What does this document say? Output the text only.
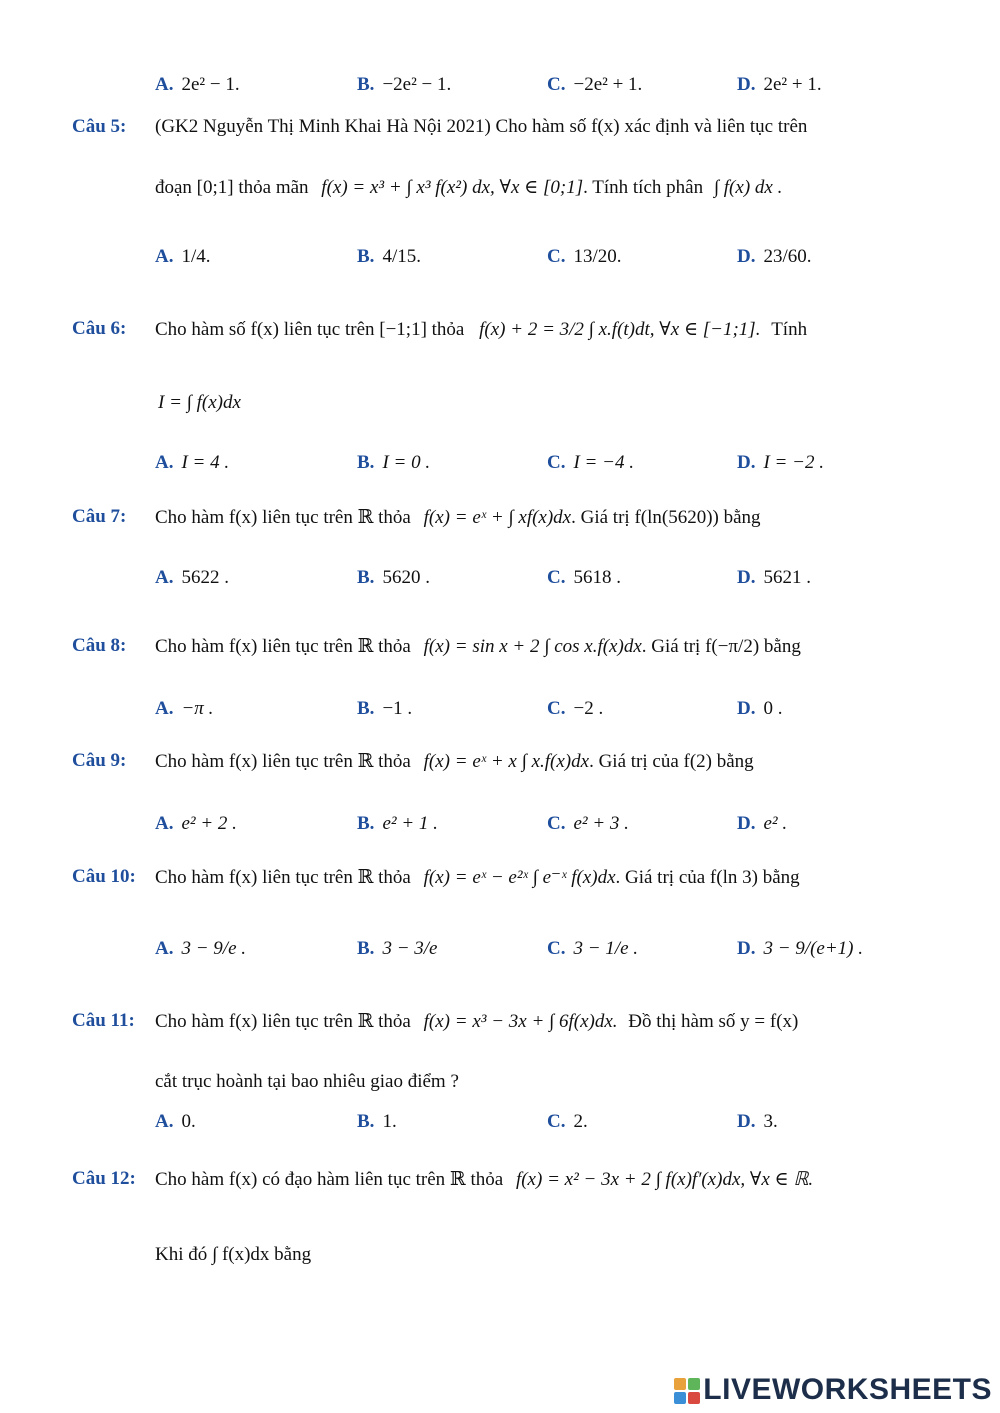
A. 2e² − 1.	B. −2e² − 1.	C. −2e² + 1.	D. 2e² + 1.
Câu 5: (GK2 Nguyễn Thị Minh Khai Hà Nội 2021) Cho hàm số f(x) xác định và liên tục trên
đoạn [0;1] thỏa mãn f(x) = x³ + ∫ x³ f(x²) dx, ∀x ∈ [0;1]. Tính tích phân ∫ f(x) dx .
A. 1/4.	B. 4/15.	C. 13/20.	D. 23/60.
Câu 6: Cho hàm số f(x) liên tục trên [−1;1] thỏa f(x) + 2 = 3/2 ∫ x.f(t)dt, ∀x ∈ [−1;1]. Tính
I = ∫ f(x)dx
A. I = 4 .	B. I = 0 .	C. I = −4 .	D. I = −2 .
Câu 7: Cho hàm f(x) liên tục trên ℝ thỏa f(x) = eˣ + ∫ xf(x)dx. Giá trị f(ln(5620)) bằng
A. 5622 .	B. 5620 .	C. 5618 .	D. 5621 .
Câu 8: Cho hàm f(x) liên tục trên ℝ thỏa f(x) = sin x + 2 ∫ cos x.f(x)dx. Giá trị f(−π/2) bằng
A. −π .	B. −1 .	C. −2 .	D. 0 .
Câu 9: Cho hàm f(x) liên tục trên ℝ thỏa f(x) = eˣ + x ∫ x.f(x)dx. Giá trị của f(2) bằng
A. e² + 2 .	B. e² + 1 .	C. e² + 3 .	D. e² .
Câu 10: Cho hàm f(x) liên tục trên ℝ thỏa f(x) = eˣ − e²ˣ ∫ e⁻ˣ f(x)dx. Giá trị của f(ln 3) bằng
A. 3 − 9/e .	B. 3 − 3/e	C. 3 − 1/e .	D. 3 − 9/(e+1) .
Câu 11: Cho hàm f(x) liên tục trên ℝ thỏa f(x) = x³ − 3x + ∫ 6f(x)dx. Đồ thị hàm số y = f(x)
cắt trục hoành tại bao nhiêu giao điểm ?
A. 0.	B. 1.	C. 2.	D. 3.
Câu 12: Cho hàm f(x) có đạo hàm liên tục trên ℝ thỏa f(x) = x² − 3x + 2 ∫ f(x)f′(x)dx, ∀x ∈ ℝ.
Khi đó ∫ f(x)dx bằng
LIVEWORKSHEETS
